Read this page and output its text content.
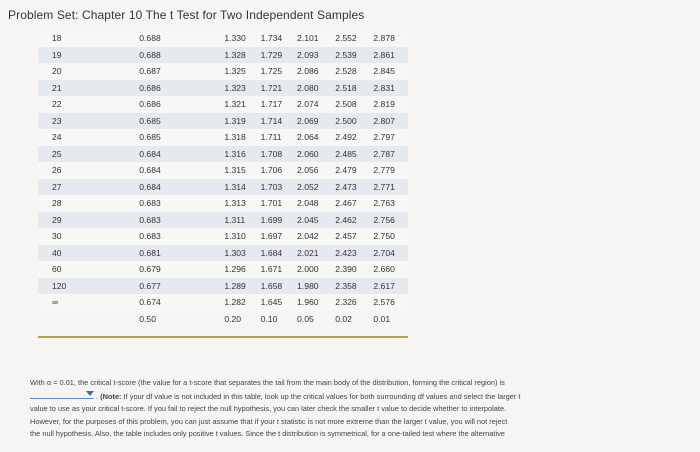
Problem Set: Chapter 10 The t Test for Two Independent Samples
18	0.688	1.330	1.734	2.101	2.552	2.878
19	0.688	1.328	1.729	2.093	2.539	2.861
20	0.687	1.325	1.725	2.086	2.528	2.845
21	0.686	1.323	1.721	2.080	2.518	2.831
22	0.686	1.321	1.717	2.074	2.508	2.819
23	0.685	1.319	1.714	2.069	2.500	2.807
24	0.685	1.318	1.711	2.064	2.492	2.797
25	0.684	1.316	1.708	2.060	2.485	2.787
26	0.684	1.315	1.706	2.056	2.479	2.779
27	0.684	1.314	1.703	2.052	2.473	2.771
28	0.683	1.313	1.701	2.048	2.467	2.763
29	0.683	1.311	1.699	2.045	2.462	2.756
30	0.683	1.310	1.697	2.042	2.457	2.750
40	0.681	1.303	1.684	2.021	2.423	2.704
60	0.679	1.296	1.671	2.000	2.390	2.660
120	0.677	1.289	1.658	1.980	2.358	2.617
∞	0.674	1.282	1.645	1.960	2.326	2.576
	0.50	0.20	0.10	0.05	0.02	0.01
With α = 0.01, the critical t-score (the value for a t-score that separates the tail from the main body of the distribution, forming the critical region) is
. (Note: If your df value is not included in this table, look up the critical values for both surrounding df values and select the larger t
value to use as your critical t-score. If you fail to reject the null hypothesis, you can later check the smaller t value to decide whether to interpolate.
However, for the purposes of this problem, you can just assume that if your t statistic is not more extreme than the larger t value, you will not reject
the null hypothesis. Also, the table includes only positive t values. Since the t distribution is symmetrical, for a one-tailed test where the alternative
